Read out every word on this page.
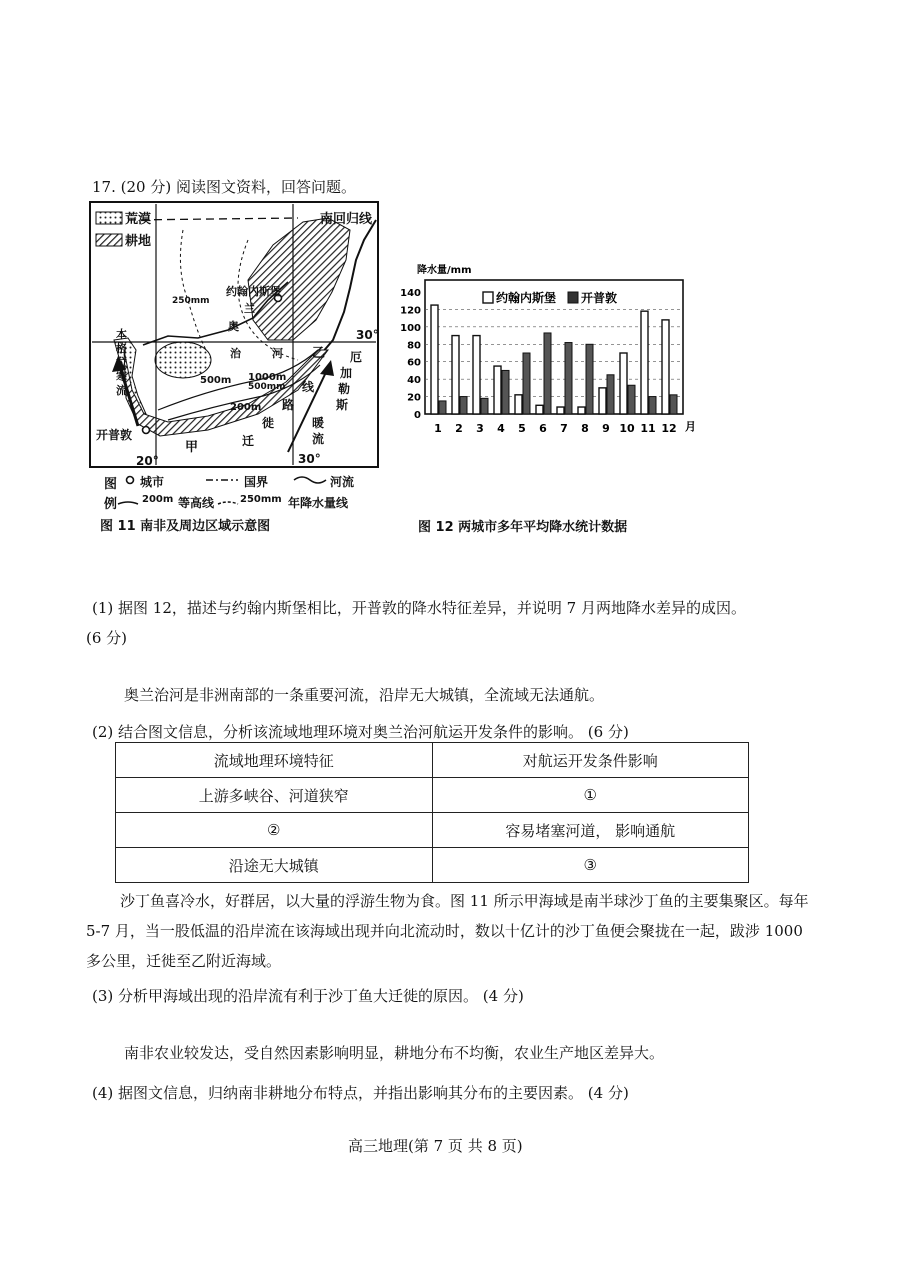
17. (20 分) 阅读图文资料，回答问题。
荒漠
耕地
南回归线
约翰内斯堡
开普敦
甲
乙
奥
兰
治	河
迁
徙
路
线
本
格
拉
寒
流
厄
加
勒
斯
暖
流
30°
20°	30°
500m 1000m
200m
250mm
500mm
图
例
城市	国界	河流
200m 等高线	250mm 年降水量线
图 11 南非及周边区域示意图
降水量/mm
0
20
40
60
80
100
120
140
1 2 3 4 5 6 7 8 9 10 11 12 月
约翰内斯堡 开普敦
图 12 两城市多年平均降水统计数据
(1) 据图 12，描述与约翰内斯堡相比，开普敦的降水特征差异，并说明 7 月两地降水差异的成因。
(6 分)
奥兰治河是非洲南部的一条重要河流，沿岸无大城镇，全流域无法通航。
(2) 结合图文信息，分析该流域地理环境对奥兰治河航运开发条件的影响。 (6 分)
流域地理环境特征	对航运开发条件影响
上游多峡谷、河道狭窄	①
②	容易堵塞河道， 影响通航
沿途无大城镇	③
沙丁鱼喜冷水，好群居，以大量的浮游生物为食。图 11 所示甲海域是南半球沙丁鱼的主要集聚区。每年 5-7 月，当一股低温的沿岸流在该海域出现并向北流动时，数以十亿计的沙丁鱼便会聚拢在一起，跋涉 1000 多公里，迁徙至乙附近海域。
(3) 分析甲海域出现的沿岸流有利于沙丁鱼大迁徙的原因。 (4 分)
南非农业较发达，受自然因素影响明显，耕地分布不均衡，农业生产地区差异大。
(4) 据图文信息，归纳南非耕地分布特点，并指出影响其分布的主要因素。 (4 分)
高三地理(第 7 页 共 8 页)
